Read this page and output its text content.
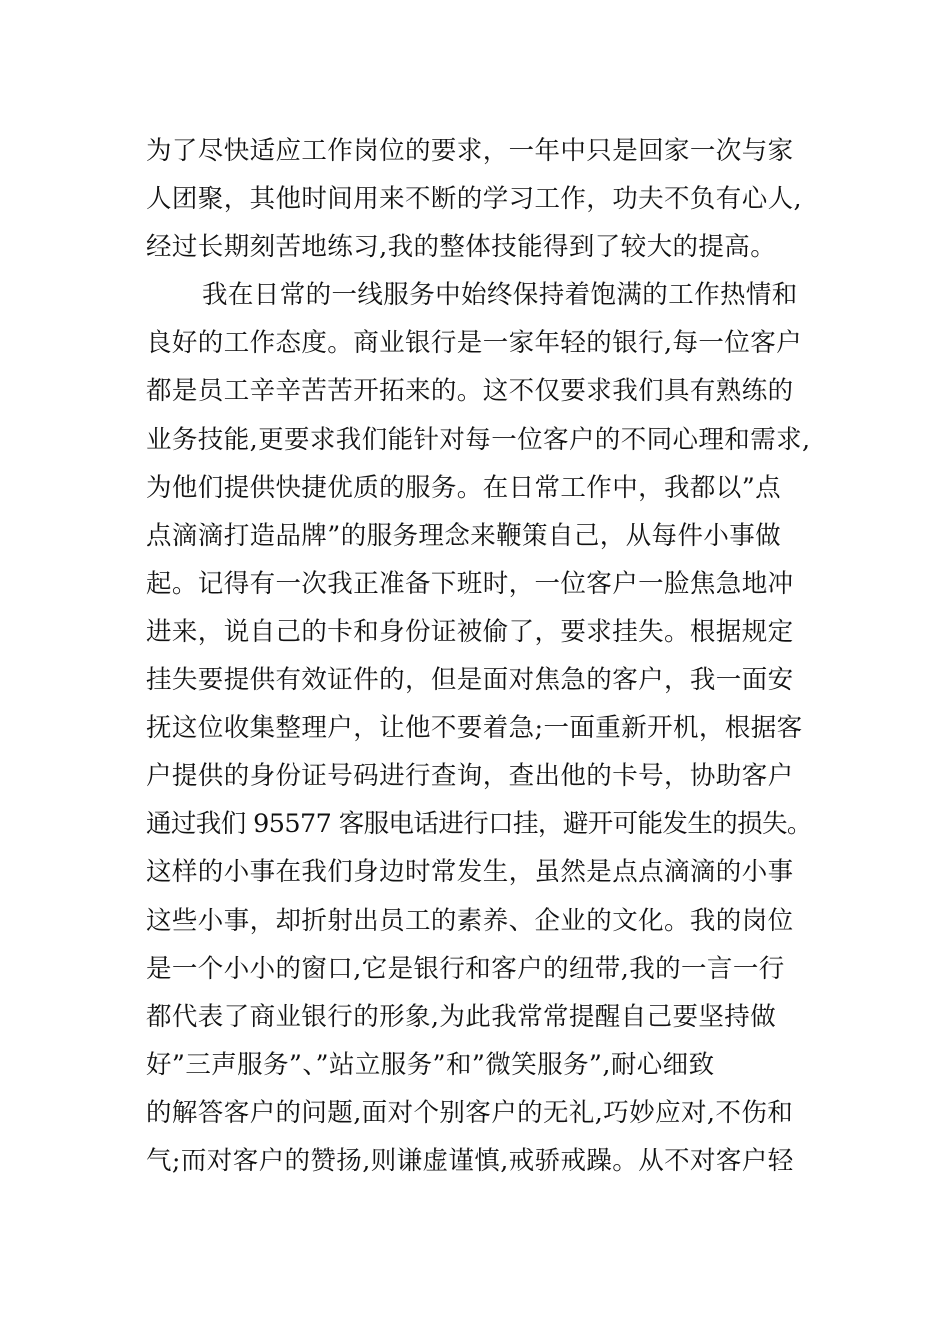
为了尽快适应工作岗位的要求，一年中只是回家一次与家
人团聚，其他时间用来不断的学习工作，功夫不负有心人,
经过长期刻苦地练习,我的整体技能得到了较大的提高。
我在日常的一线服务中始终保持着饱满的工作热情和
良好的工作态度。商业银行是一家年轻的银行,每一位客户
都是员工辛辛苦苦开拓来的。这不仅要求我们具有熟练的
业务技能,更要求我们能针对每一位客户的不同心理和需求,
为他们提供快捷优质的服务。在日常工作中，我都以”点
点滴滴打造品牌”的服务理念来鞭策自己，从每件小事做
起。记得有一次我正准备下班时，一位客户一脸焦急地冲
进来，说自己的卡和身份证被偷了，要求挂失。根据规定
挂失要提供有效证件的，但是面对焦急的客户，我一面安
抚这位收集整理户，让他不要着急;一面重新开机，根据客
户提供的身份证号码进行查询，查出他的卡号，协助客户
通过我们 95577 客服电话进行口挂，避开可能发生的损失。
这样的小事在我们身边时常发生，虽然是点点滴滴的小事
这些小事，却折射出员工的素养、企业的文化。我的岗位
是一个小小的窗口,它是银行和客户的纽带,我的一言一行
都代表了商业银行的形象,为此我常常提醒自己要坚持做
好”三声服务”、”站立服务”和”微笑服务”,耐心细致
的解答客户的问题,面对个别客户的无礼,巧妙应对,不伤和
气;而对客户的赞扬,则谦虚谨慎,戒骄戒躁。从不对客户轻
